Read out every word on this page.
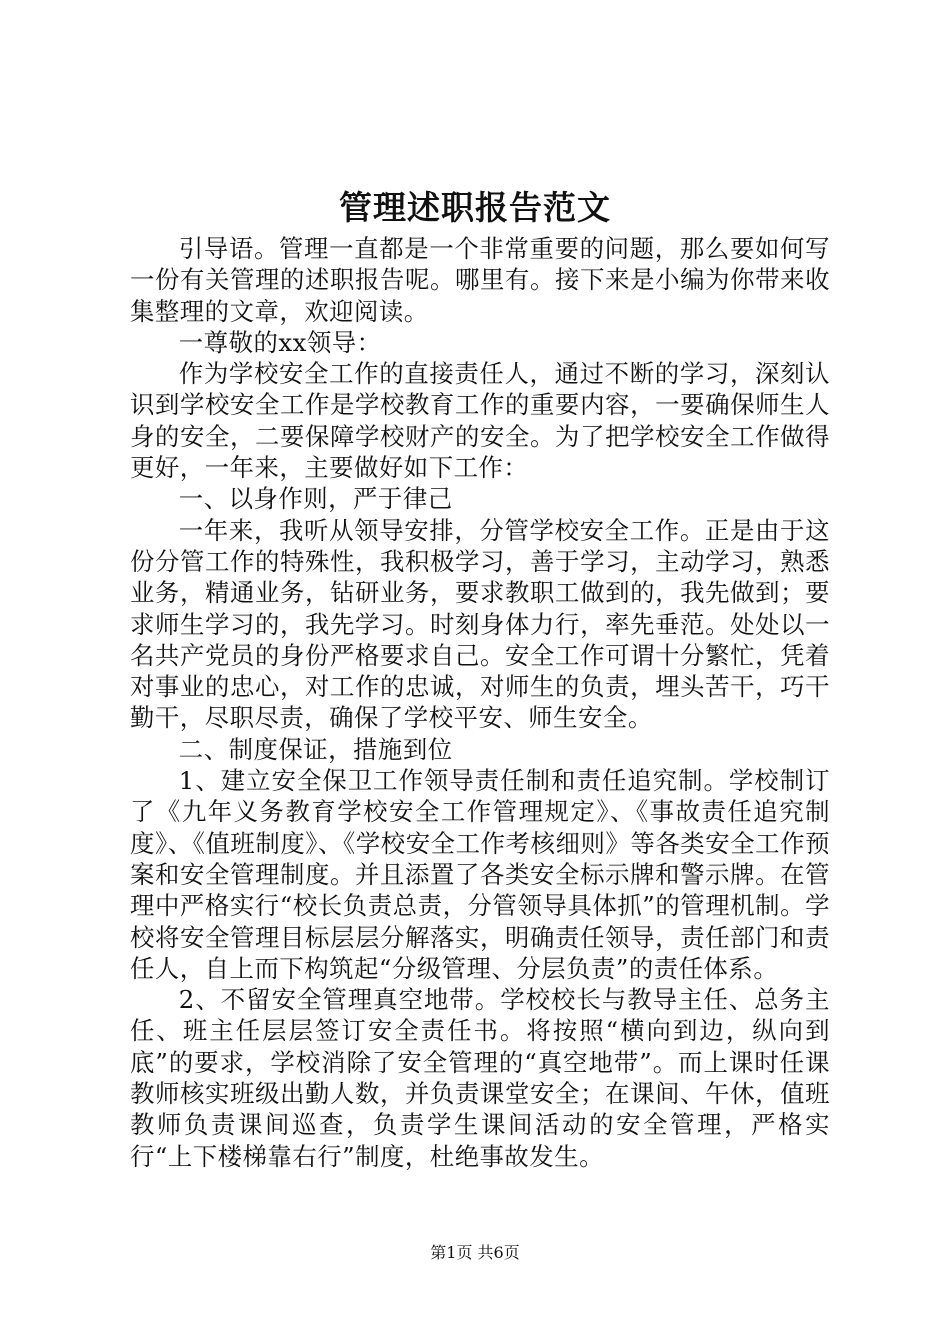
管理述职报告范文

引导语。管理一直都是一个非常重要的问题，那么要如何写一份有关管理的述职报告呢。哪里有。接下来是小编为你带来收集整理的文章，欢迎阅读。

一尊敬的xx领导：

作为学校安全工作的直接责任人，通过不断的学习，深刻认识到学校安全工作是学校教育工作的重要内容，一要确保师生人身的安全，二要保障学校财产的安全。为了把学校安全工作做得更好，一年来，主要做好如下工作：

一、以身作则，严于律己

一年来，我听从领导安排，分管学校安全工作。正是由于这份分管工作的特殊性，我积极学习，善于学习，主动学习，熟悉业务，精通业务，钻研业务，要求教职工做到的，我先做到；要求师生学习的，我先学习。时刻身体力行，率先垂范。处处以一名共产党员的身份严格要求自己。安全工作可谓十分繁忙，凭着对事业的忠心，对工作的忠诚，对师生的负责，埋头苦干，巧干勤干，尽职尽责，确保了学校平安、师生安全。

二、制度保证，措施到位

1、建立安全保卫工作领导责任制和责任追究制。学校制订了《九年义务教育学校安全工作管理规定》、《事故责任追究制度》、《值班制度》、《学校安全工作考核细则》等各类安全工作预案和安全管理制度。并且添置了各类安全标示牌和警示牌。在管理中严格实行“校长负责总责，分管领导具体抓”的管理机制。学校将安全管理目标层层分解落实，明确责任领导，责任部门和责任人，自上而下构筑起“分级管理、分层负责”的责任体系。

2、不留安全管理真空地带。学校校长与教导主任、总务主任、班主任层层签订安全责任书。将按照“横向到边，纵向到底”的要求，学校消除了安全管理的“真空地带”。而上课时任课教师核实班级出勤人数，并负责课堂安全；在课间、午休，值班教师负责课间巡查，负责学生课间活动的安全管理，严格实行“上下楼梯靠右行”制度，杜绝事故发生。

第1页 共6页
